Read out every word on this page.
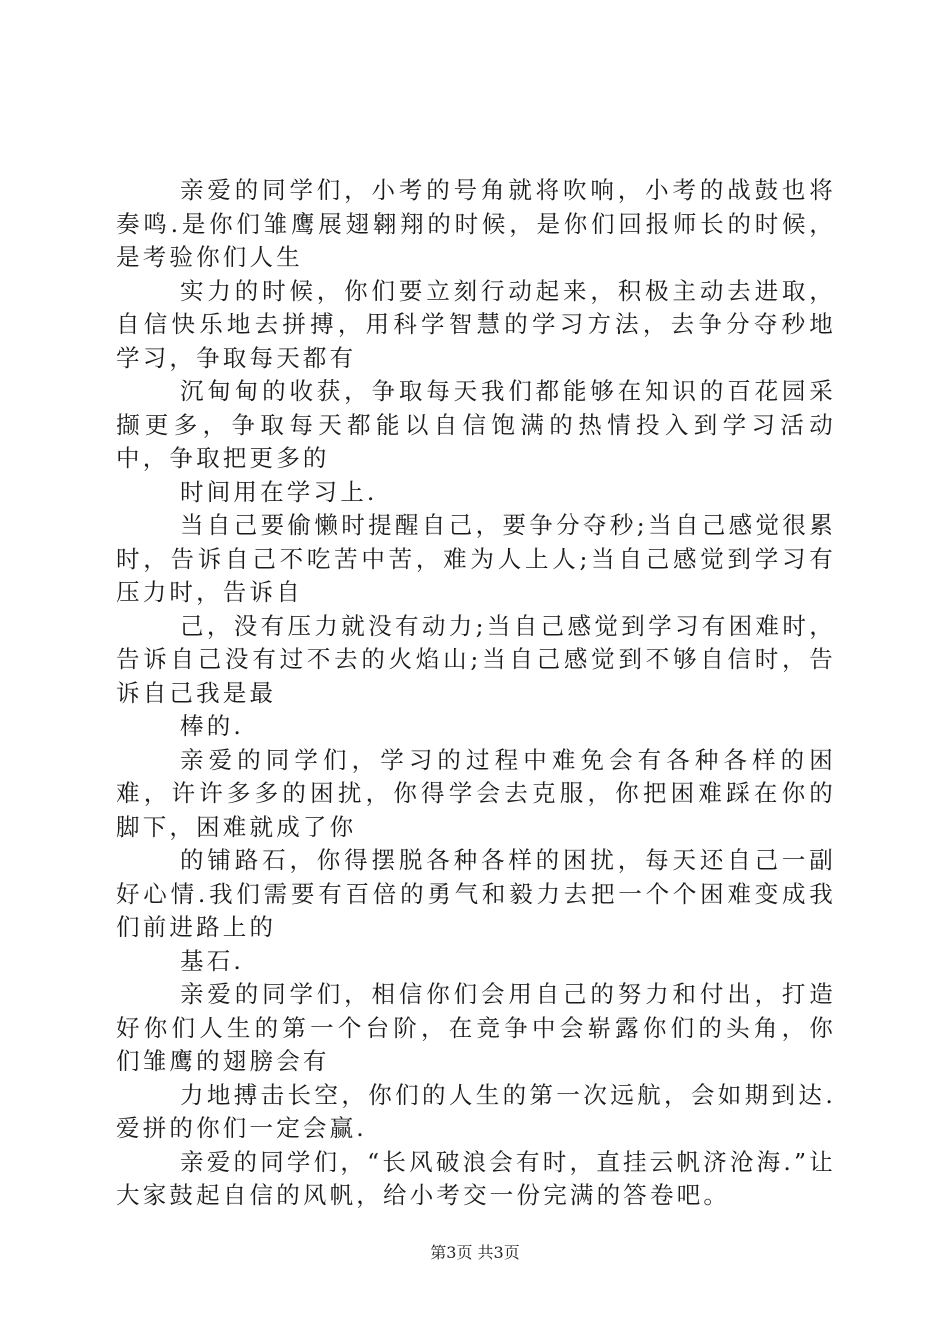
亲爱的同学们，小考的号角就将吹响，小考的战鼓也将奏鸣.是你们雏鹰展翅翱翔的时候，是你们回报师长的时候，是考验你们人生

实力的时候，你们要立刻行动起来，积极主动去进取，自信快乐地去拼搏，用科学智慧的学习方法，去争分夺秒地学习，争取每天都有

沉甸甸的收获，争取每天我们都能够在知识的百花园采撷更多，争取每天都能以自信饱满的热情投入到学习活动中，争取把更多的

时间用在学习上.

当自己要偷懒时提醒自己，要争分夺秒;当自己感觉很累时，告诉自己不吃苦中苦，难为人上人;当自己感觉到学习有压力时，告诉自

己，没有压力就没有动力;当自己感觉到学习有困难时，告诉自己没有过不去的火焰山;当自己感觉到不够自信时，告诉自己我是最

棒的.

亲爱的同学们，学习的过程中难免会有各种各样的困难，许许多多的困扰，你得学会去克服，你把困难踩在你的脚下，困难就成了你

的铺路石，你得摆脱各种各样的困扰，每天还自己一副好心情.我们需要有百倍的勇气和毅力去把一个个困难变成我们前进路上的

基石.

亲爱的同学们，相信你们会用自己的努力和付出，打造好你们人生的第一个台阶，在竞争中会崭露你们的头角，你们雏鹰的翅膀会有

力地搏击长空，你们的人生的第一次远航，会如期到达.爱拼的你们一定会赢.

亲爱的同学们，“长风破浪会有时，直挂云帆济沧海.”让大家鼓起自信的风帆，给小考交一份完满的答卷吧。

第3页 共3页
